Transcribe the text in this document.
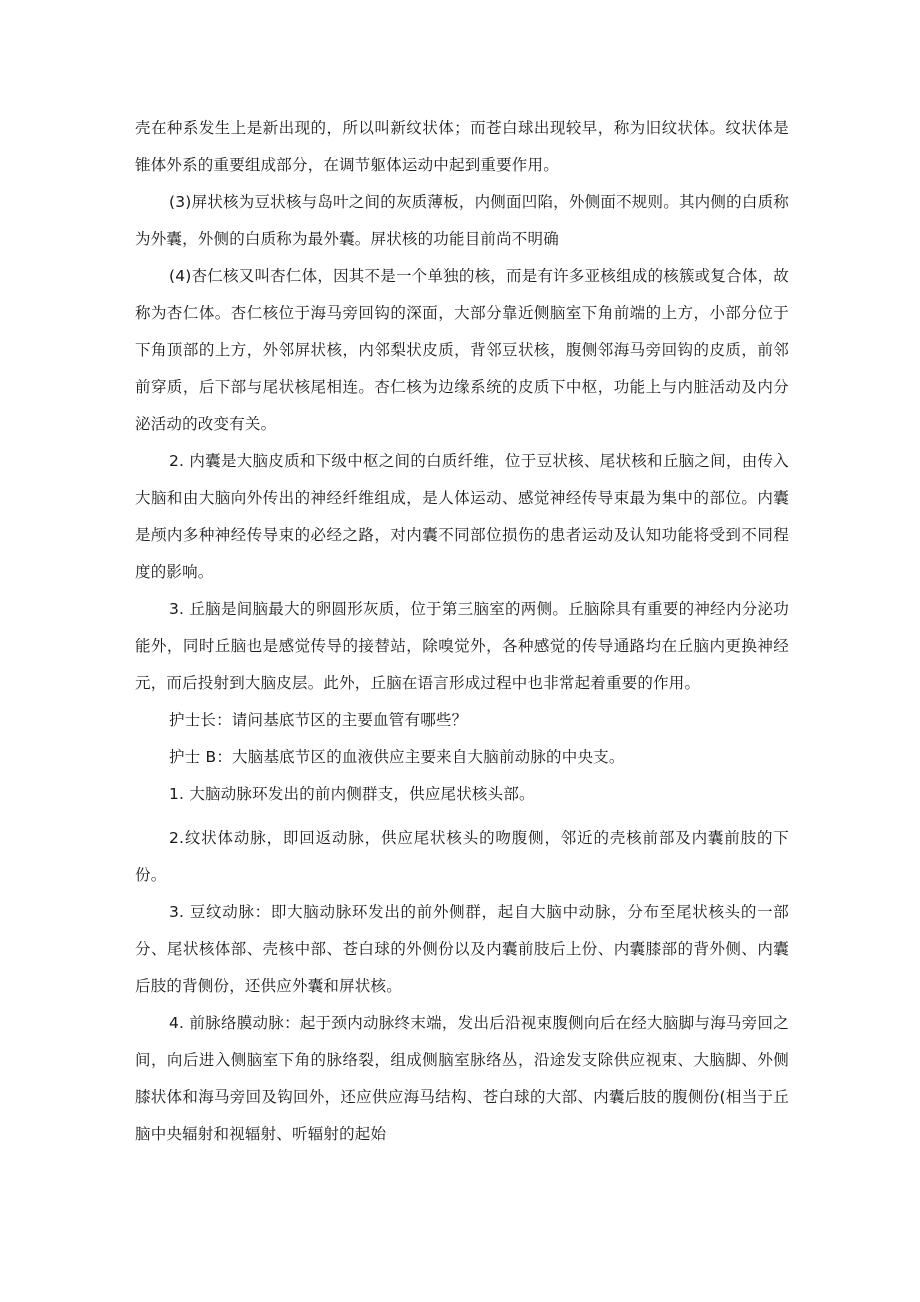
壳在种系发生上是新出现的，所以叫新纹状体；而苍白球出现较早，称为旧纹状体。纹状体是锥体外系的重要组成部分，在调节躯体运动中起到重要作用。

(3)屏状核为豆状核与岛叶之间的灰质薄板，内侧面凹陷，外侧面不规则。其内侧的白质称为外囊，外侧的白质称为最外囊。屏状核的功能目前尚不明确

(4)杏仁核又叫杏仁体，因其不是一个单独的核，而是有许多亚核组成的核簇或复合体，故称为杏仁体。杏仁核位于海马旁回钩的深面，大部分靠近侧脑室下角前端的上方，小部分位于下角顶部的上方，外邻屏状核，内邻梨状皮质，背邻豆状核，腹侧邻海马旁回钩的皮质，前邻前穿质，后下部与尾状核尾相连。杏仁核为边缘系统的皮质下中枢，功能上与内脏活动及内分泌活动的改变有关。

2. 内囊是大脑皮质和下级中枢之间的白质纤维，位于豆状核、尾状核和丘脑之间，由传入大脑和由大脑向外传出的神经纤维组成，是人体运动、感觉神经传导束最为集中的部位。内囊是颅内多种神经传导束的必经之路，对内囊不同部位损伤的患者运动及认知功能将受到不同程度的影响。

3. 丘脑是间脑最大的卵圆形灰质，位于第三脑室的两侧。丘脑除具有重要的神经内分泌功能外，同时丘脑也是感觉传导的接替站，除嗅觉外，各种感觉的传导通路均在丘脑内更换神经元，而后投射到大脑皮层。此外，丘脑在语言形成过程中也非常起着重要的作用。

护士长：请问基底节区的主要血管有哪些？

护士 B：大脑基底节区的血液供应主要来自大脑前动脉的中央支。

1. 大脑动脉环发出的前内侧群支，供应尾状核头部。

2.纹状体动脉，即回返动脉，供应尾状核头的吻腹侧，邻近的壳核前部及内囊前肢的下份。

3. 豆纹动脉：即大脑动脉环发出的前外侧群，起自大脑中动脉，分布至尾状核头的一部分、尾状核体部、壳核中部、苍白球的外侧份以及内囊前肢后上份、内囊膝部的背外侧、内囊后肢的背侧份，还供应外囊和屏状核。

4. 前脉络膜动脉：起于颈内动脉终末端，发出后沿视束腹侧向后在经大脑脚与海马旁回之间，向后进入侧脑室下角的脉络裂，组成侧脑室脉络丛，沿途发支除供应视束、大脑脚、外侧膝状体和海马旁回及钩回外，还应供应海马结构、苍白球的大部、内囊后肢的腹侧份(相当于丘脑中央辐射和视辐射、听辐射的起始
